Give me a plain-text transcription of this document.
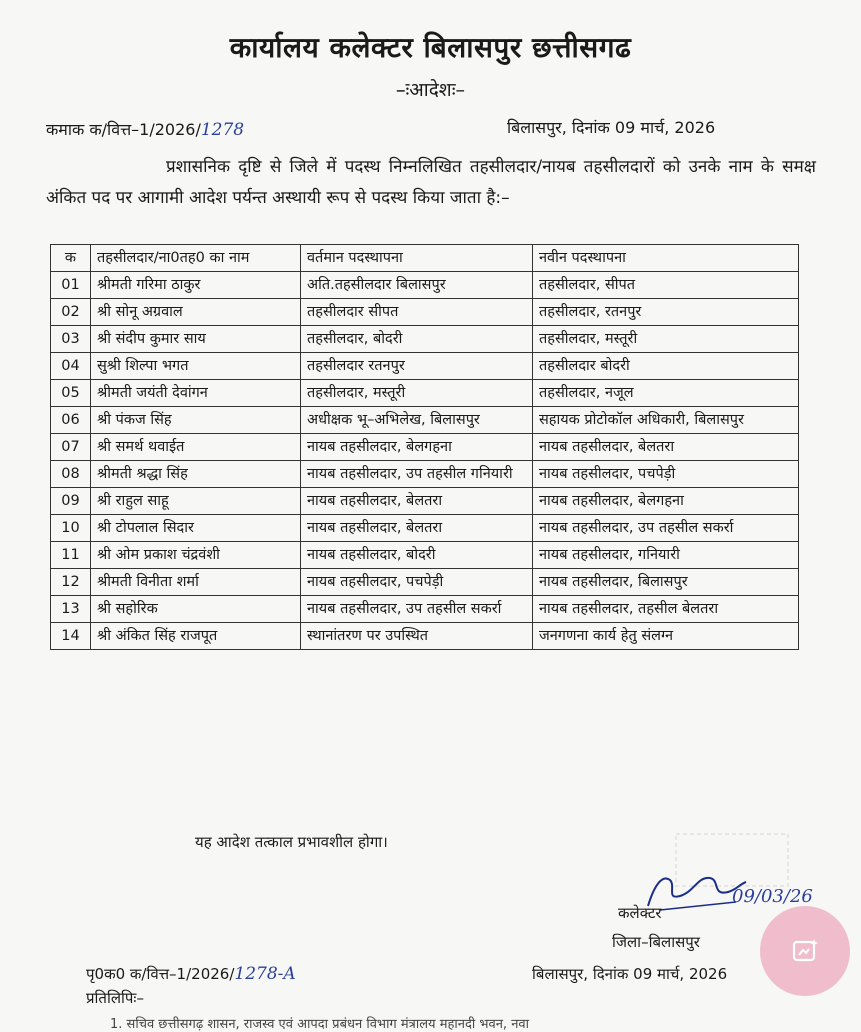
कार्यालय कलेक्टर बिलासपुर छत्तीसगढ
–ःआदेशः–
कमाक क/वित्त–1/2026/1278	बिलासपुर, दिनांक 09 मार्च, 2026
प्रशासनिक दृष्टि से जिले में पदस्थ निम्नलिखित तहसीलदार/नायब तहसीलदारों को उनके नाम के समक्ष अंकित पद पर आगामी आदेश पर्यन्त अस्थायी रूप से पदस्थ किया जाता है:–
क	तहसीलदार/ना0तह0 का नाम	वर्तमान पदस्थापना	नवीन पदस्थापना
01	श्रीमती गरिमा ठाकुर	अति.तहसीलदार बिलासपुर	तहसीलदार, सीपत
02	श्री सोनू अग्रवाल	तहसीलदार सीपत	तहसीलदार, रतनपुर
03	श्री संदीप कुमार साय	तहसीलदार, बोदरी	तहसीलदार, मस्तूरी
04	सुश्री शिल्पा भगत	तहसीलदार रतनपुर	तहसीलदार बोदरी
05	श्रीमती जयंती देवांगन	तहसीलदार, मस्तूरी	तहसीलदार, नजूल
06	श्री पंकज सिंह	अधीक्षक भू–अभिलेख, बिलासपुर	सहायक प्रोटोकॉल अधिकारी, बिलासपुर
07	श्री समर्थ थवाईत	नायब तहसीलदार, बेलगहना	नायब तहसीलदार, बेलतरा
08	श्रीमती श्रद्धा सिंह	नायब तहसीलदार, उप तहसील गनियारी	नायब तहसीलदार, पचपेड़ी
09	श्री राहुल साहू	नायब तहसीलदार, बेलतरा	नायब तहसीलदार, बेलगहना
10	श्री टोपलाल सिदार	नायब तहसीलदार, बेलतरा	नायब तहसीलदार, उप तहसील सकर्रा
11	श्री ओम प्रकाश चंद्रवंशी	नायब तहसीलदार, बोदरी	नायब तहसीलदार, गनियारी
12	श्रीमती विनीता शर्मा	नायब तहसीलदार, पचपेड़ी	नायब तहसीलदार, बिलासपुर
13	श्री सहोरिक	नायब तहसीलदार, उप तहसील सकर्रा	नायब तहसीलदार, तहसील बेलतरा
14	श्री अंकित सिंह राजपूत	स्थानांतरण पर उपस्थित	जनगणना कार्य हेतु संलग्न
यह आदेश तत्काल प्रभावशील होगा।
कलेक्टर
09/03/26
जिला–बिलासपुर
पृ0क0 क/वित्त–1/2026/1278-A	बिलासपुर, दिनांक 09 मार्च, 2026
प्रतिलिपिः–
1. सचिव छत्तीसगढ़ शासन, राजस्व एवं आपदा प्रबंधन विभाग मंत्रालय महानदी भवन, नवा
